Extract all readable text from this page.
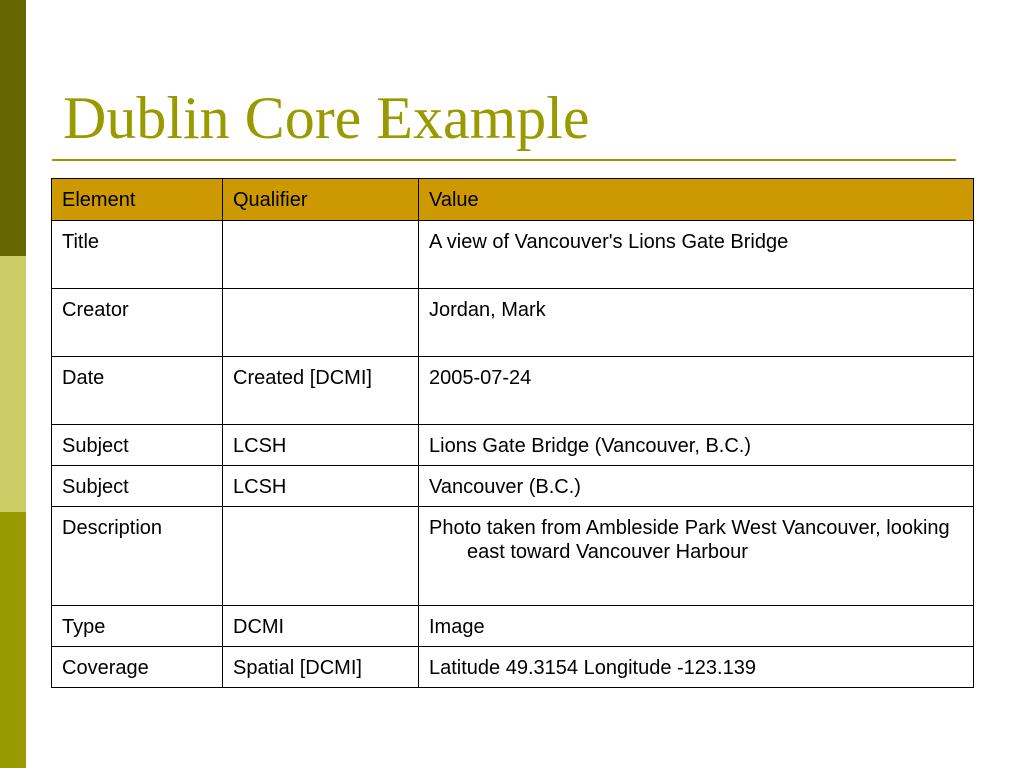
Dublin Core Example
Element	Qualifier	Value
Title		A view of Vancouver's Lions Gate Bridge
Creator		Jordan, Mark
Date	Created [DCMI]	2005-07-24
Subject	LCSH	Lions Gate Bridge (Vancouver, B.C.)
Subject	LCSH	Vancouver (B.C.)
Description		Photo taken from Ambleside Park West Vancouver, looking east toward Vancouver Harbour

Type	DCMI	Image
Coverage	Spatial [DCMI]	Latitude 49.3154 Longitude -123.139
